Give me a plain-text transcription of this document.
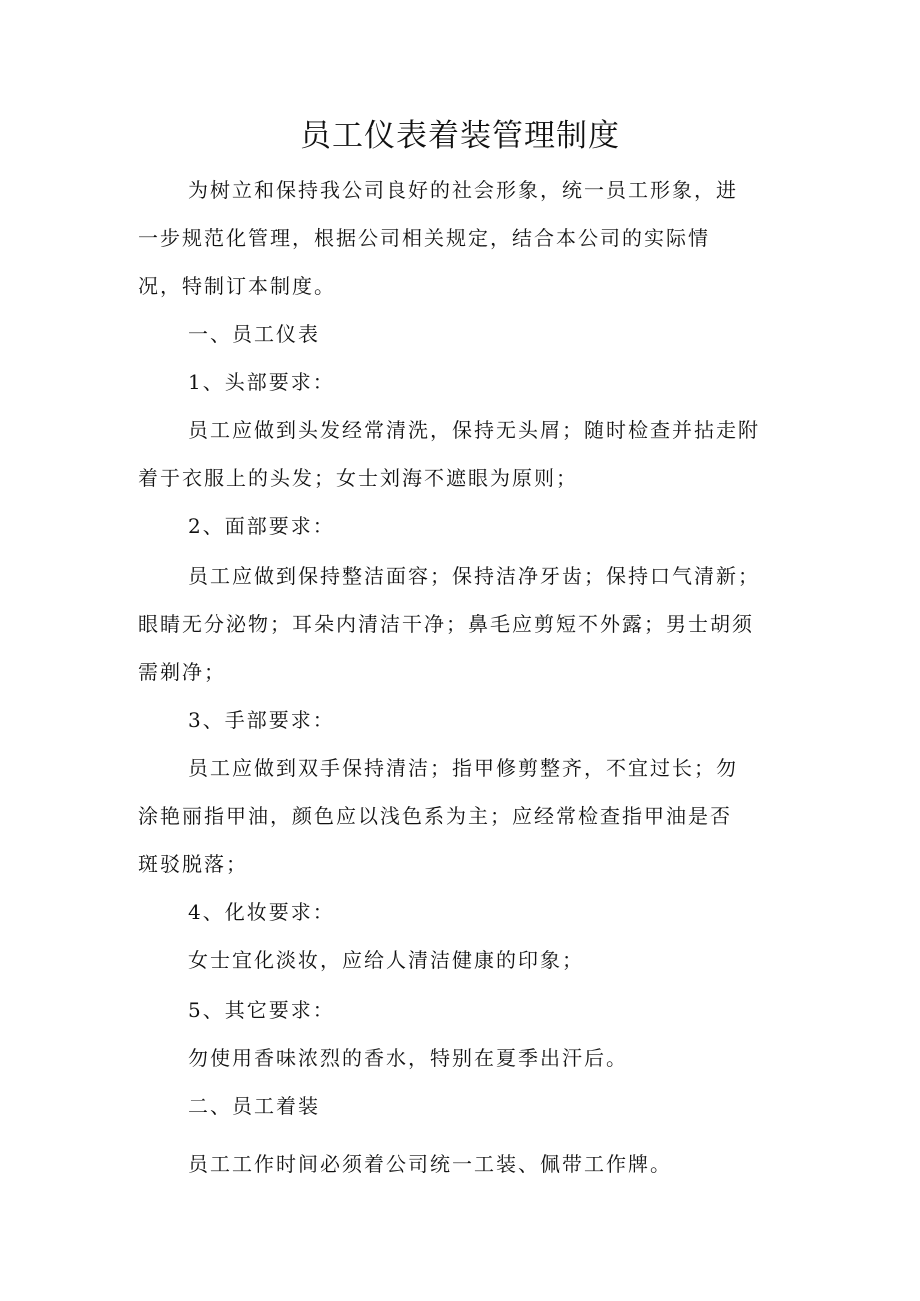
员工仪表着装管理制度
为树立和保持我公司良好的社会形象，统一员工形象，进
一步规范化管理，根据公司相关规定，结合本公司的实际情
况，特制订本制度。
一、员工仪表
1、头部要求：
员工应做到头发经常清洗，保持无头屑；随时检查并拈走附
着于衣服上的头发；女士刘海不遮眼为原则；
2、面部要求：
员工应做到保持整洁面容；保持洁净牙齿；保持口气清新；
眼睛无分泌物；耳朵内清洁干净；鼻毛应剪短不外露；男士胡须
需剃净；
3、手部要求：
员工应做到双手保持清洁；指甲修剪整齐，不宜过长；勿
涂艳丽指甲油，颜色应以浅色系为主；应经常检查指甲油是否
斑驳脱落；
4、化妆要求：
女士宜化淡妆，应给人清洁健康的印象；
5、其它要求：
勿使用香味浓烈的香水，特别在夏季出汗后。
二、员工着装
员工工作时间必须着公司统一工装、佩带工作牌。
